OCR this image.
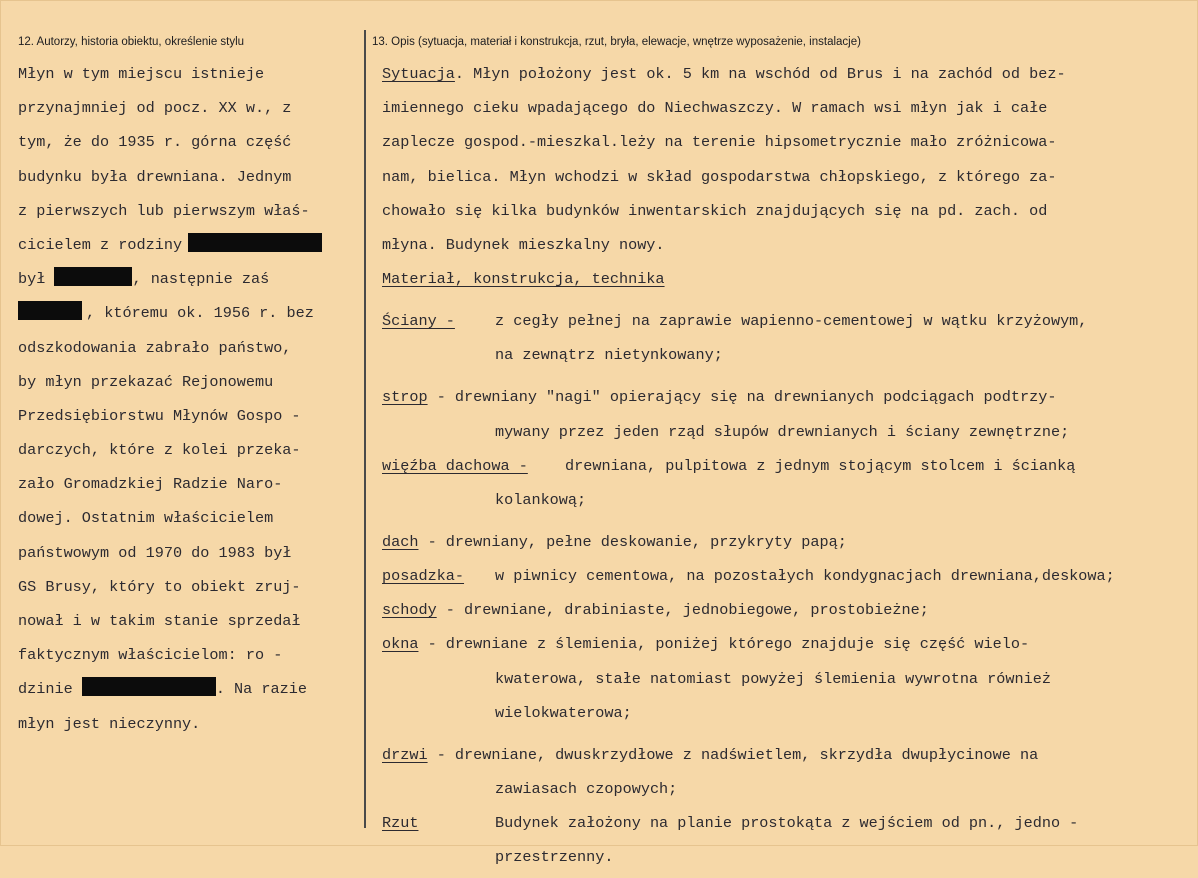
12. Autorzy, historia obiektu, określenie stylu	13. Opis (sytuacja, materiał i konstrukcja, rzut, bryła, elewacje, wnętrze wyposażenie, instalacje)
Młyn w tym miejscu istnieje
przynajmniej od pocz. XX w., z
tym, że do 1935 r. górna część
budynku była drewniana. Jednym
z pierwszych lub pierwszym właś-
cicielem z rodziny
był	, następnie zaś
, któremu ok. 1956 r. bez
odszkodowania zabrało państwo,
by młyn przekazać Rejonowemu
Przedsiębiorstwu Młynów Gospo -
darczych, które z kolei przeka-
zało Gromadzkiej Radzie Naro-
dowej. Ostatnim właścicielem
państwowym od 1970 do 1983 był
GS Brusy, który to obiekt zruj-
nował i w takim stanie sprzedał
faktycznym właścicielom: ro -
dzinie	. Na razie
młyn jest nieczynny.
Sytuacja. Młyn położony jest ok. 5 km na wschód od Brus i na zachód od bez-
imiennego cieku wpadającego do Niechwaszczy. W ramach wsi młyn jak i całe
zaplecze gospod.-mieszkal.leży na terenie hipsometrycznie mało zróżnicowa-
nam, bielica. Młyn wchodzi w skład gospodarstwa chłopskiego, z którego za-
chowało się kilka budynków inwentarskich znajdujących się na pd. zach. od
młyna. Budynek mieszkalny nowy.
Materiał, konstrukcja, technika
Ściany -	z cegły pełnej na zaprawie wapienno-cementowej w wątku krzyżowym,
na zewnątrz nietynkowany;
strop - drewniany "nagi" opierający się na drewnianych podciągach podtrzy-
mywany przez jeden rząd słupów drewnianych i ściany zewnętrzne;
więźba dachowa - drewniana, pulpitowa z jednym stojącym stolcem i ścianką
kolankową;
dach - drewniany, pełne deskowanie, przykryty papą;
posadzka- w piwnicy cementowa, na pozostałych kondygnacjach drewniana,deskowa;
schody - drewniane, drabiniaste, jednobiegowe, prostobieżne;
okna - drewniane z ślemienia, poniżej którego znajduje się część wielo-
kwaterowa, stałe natomiast powyżej ślemienia wywrotna również
wielokwaterowa;
drzwi - drewniane, dwuskrzydłowe z nadświetlem, skrzydła dwupłycinowe na
zawiasach czopowych;
Rzut	Budynek założony na planie prostokąta z wejściem od pn., jedno -
przestrzenny.
